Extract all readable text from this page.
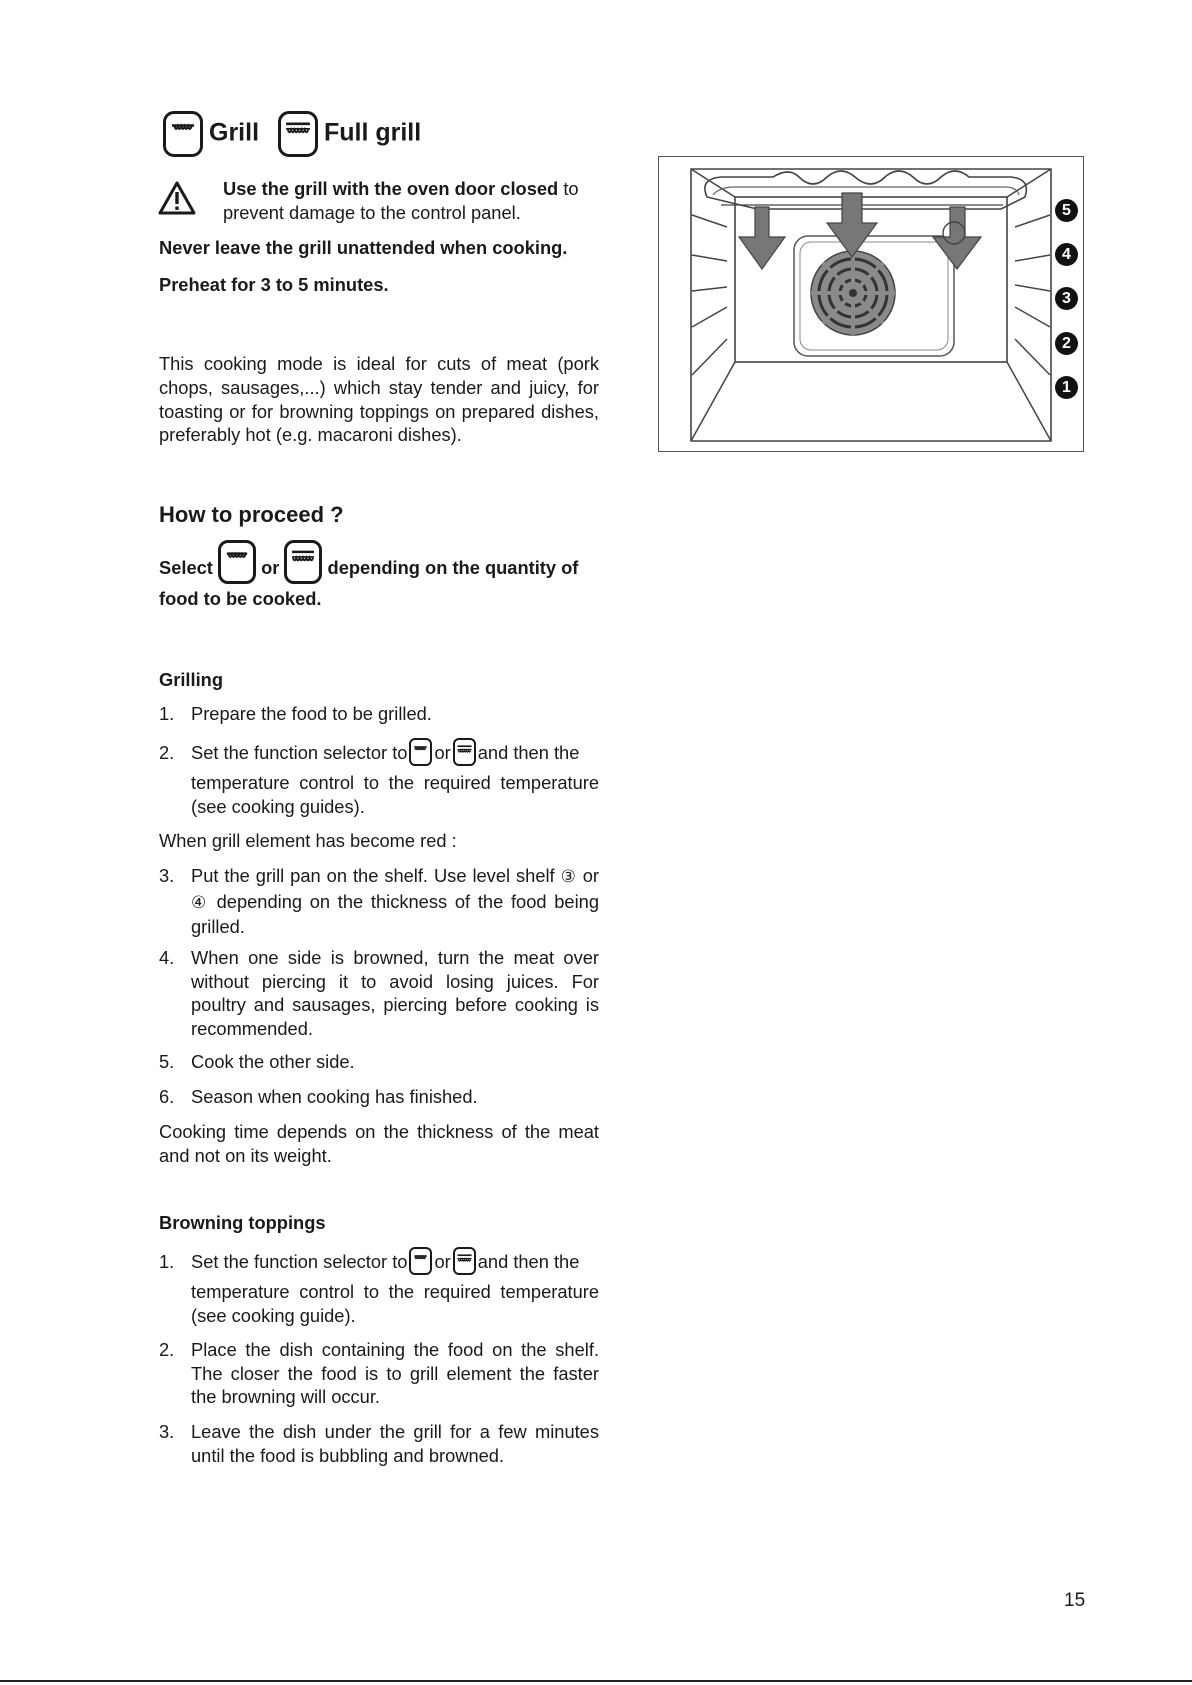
Grill	Full grill
Use the grill with the oven door closed to
prevent damage to the control panel.
Never leave the grill unattended when cooking.
Preheat for 3 to 5 minutes.
This cooking mode is ideal for cuts of meat (pork chops, sausages,...) which stay tender and juicy, for toasting or for browning toppings on prepared dishes, preferably hot (e.g. macaroni dishes).
How to proceed ?
Select	or	depending on the quantity of
food to be cooked.
Grilling
1. Prepare the food to be grilled.
2. Set the function selector to or and then the
temperature control to the required temperature (see cooking guides).
When grill element has become red :
3. Put the grill pan on the shelf. Use level shelf ③ or ④ depending on the thickness of the food being grilled.
4. When one side is browned, turn the meat over without piercing it to avoid losing juices. For poultry and sausages, piercing before cooking is recommended.
5. Cook the other side.
6. Season when cooking has finished.
Cooking time depends on the thickness of the meat and not on its weight.
Browning toppings
1. Set the function selector to or and then the
temperature control to the required temperature (see cooking guide).
2. Place the dish containing the food on the shelf. The closer the food is to grill element the faster the browning will occur.
3. Leave the dish under the grill for a few minutes until the food is bubbling and browned.
5
4
3
2
1
15
